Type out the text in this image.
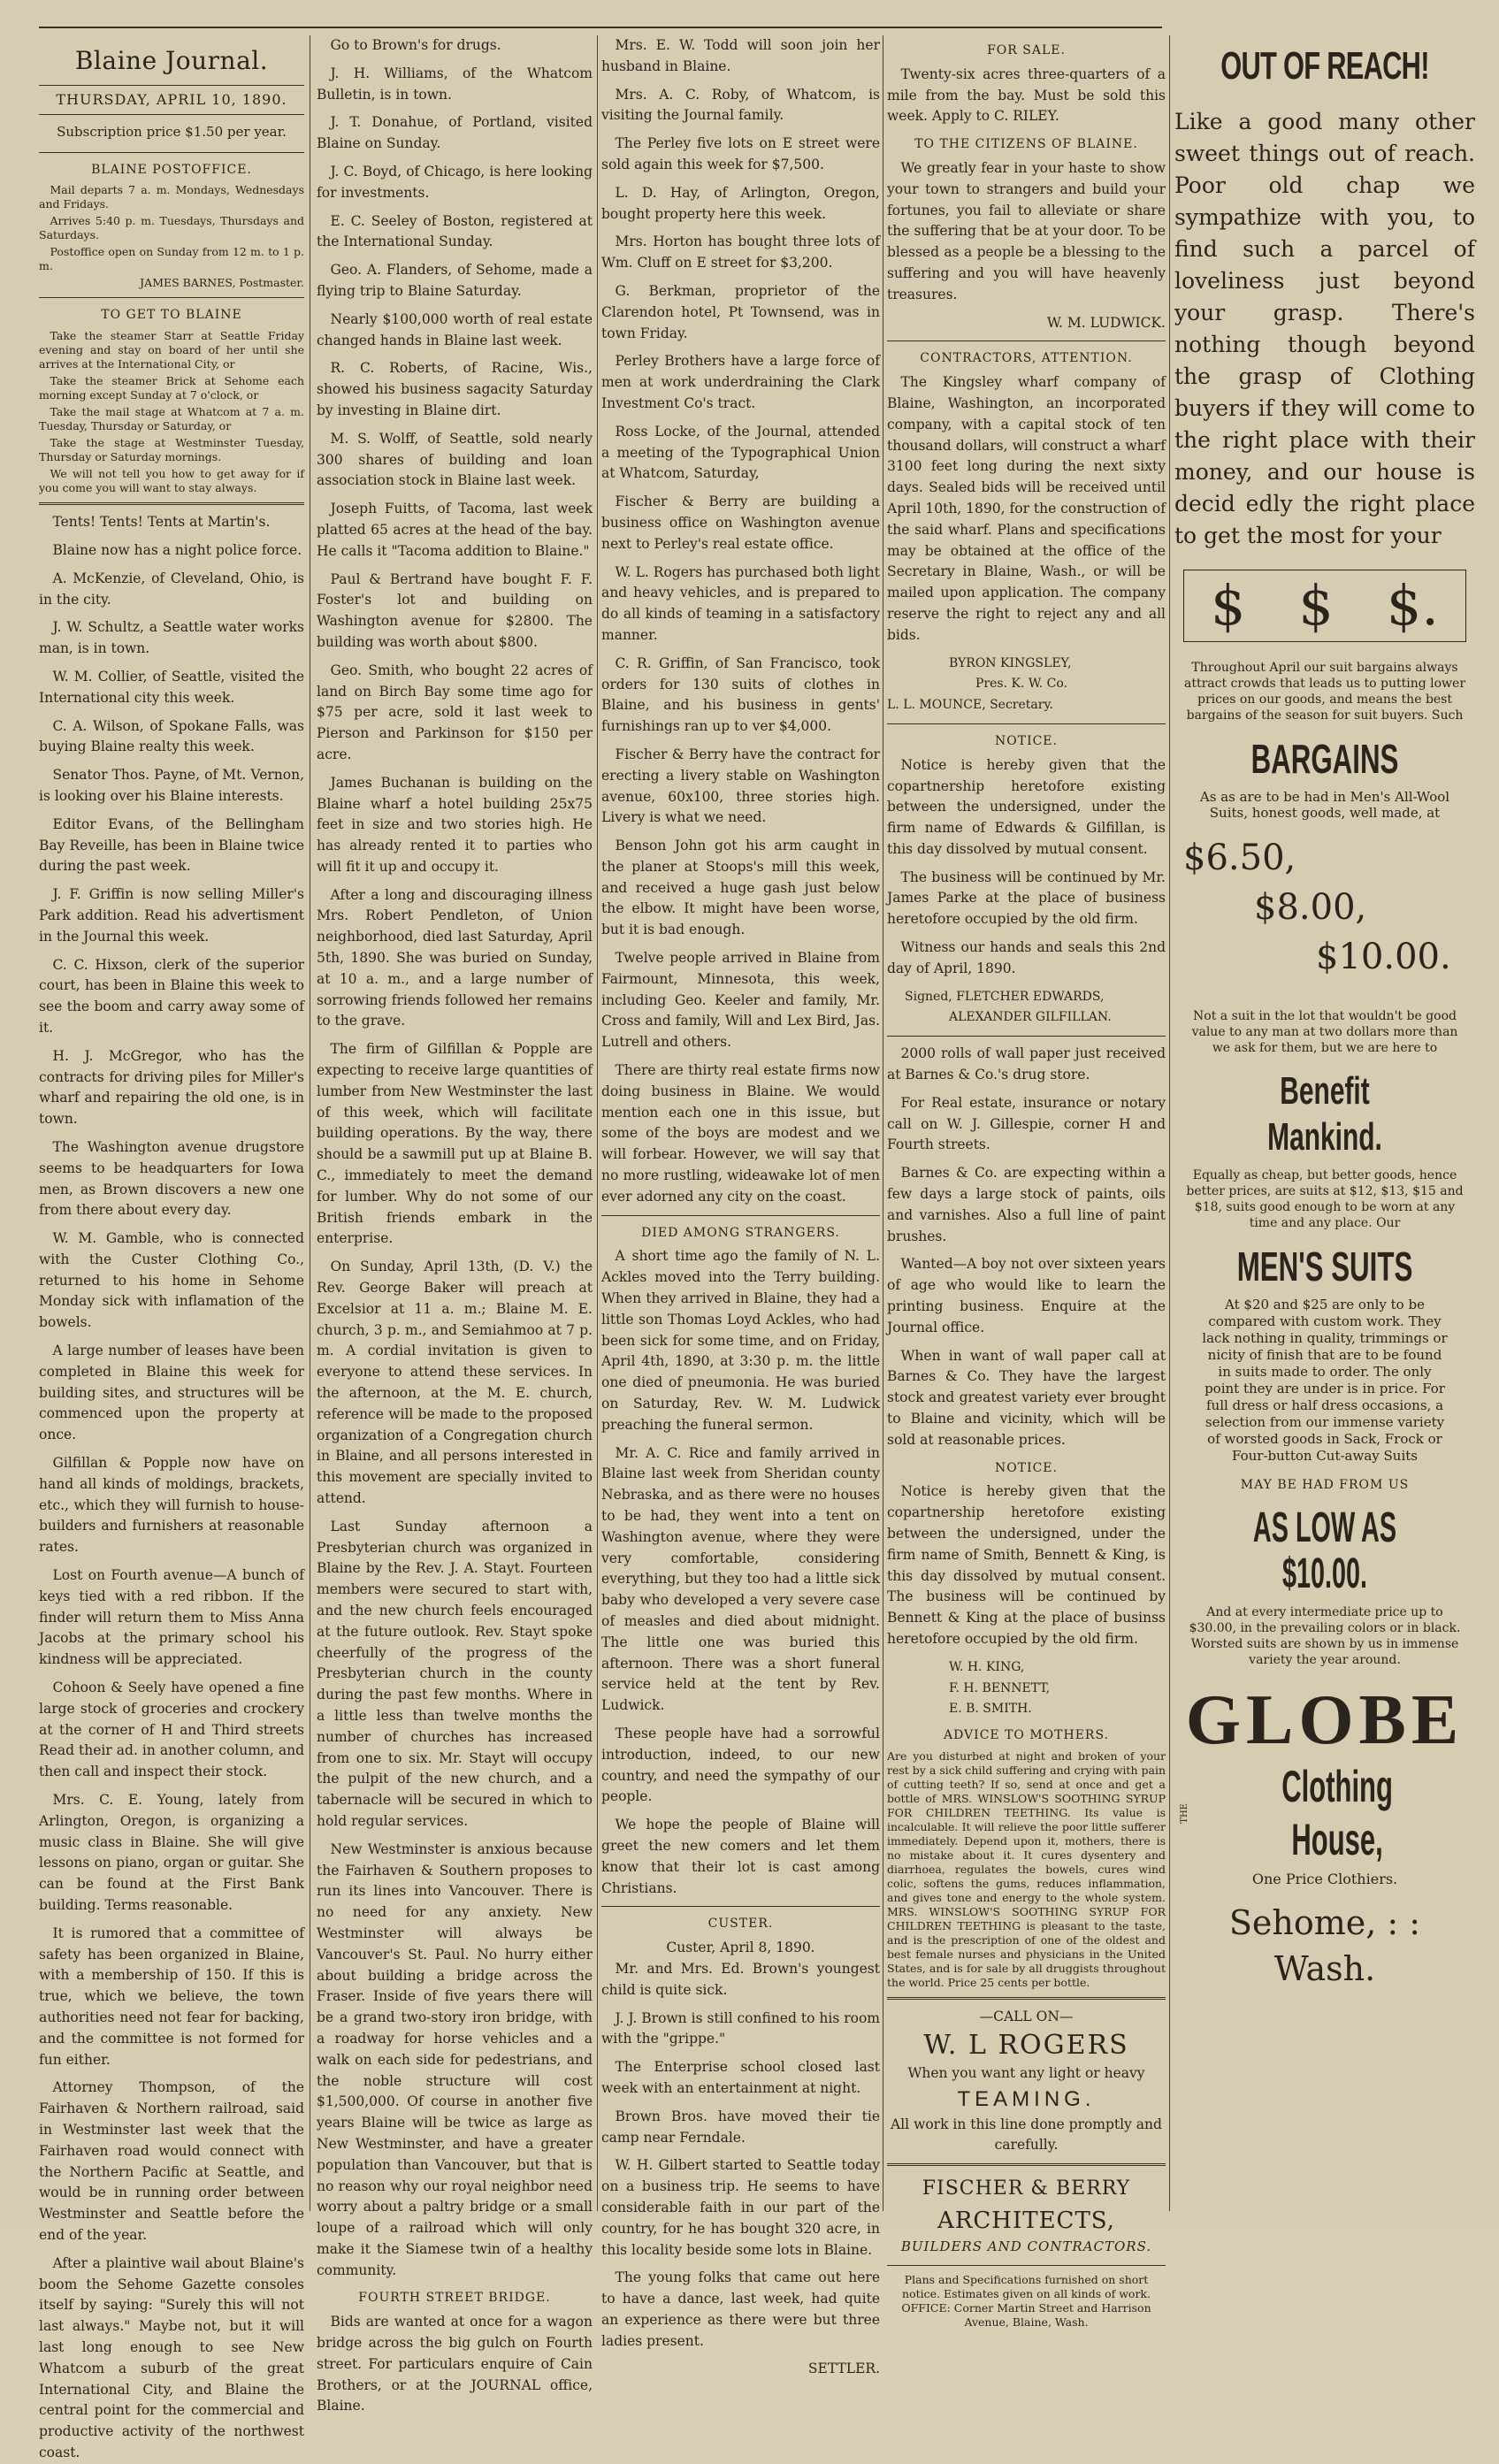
Blaine Journal.
THURSDAY, APRIL 10, 1890.
Subscription price $1.50 per year.
BLAINE POSTOFFICE.

Mail departs 7 a. m. Mondays, Wednesdays and Fridays.

Arrives 5:40 p. m. Tuesdays, Thursdays and Saturdays.

Postoffice open on Sunday from 12 m. to 1 p. m.

JAMES BARNES, Postmaster.

TO GET TO BLAINE

Take the steamer Starr at Seattle Friday evening and stay on board of her until she arrives at the International City, or

Take the steamer Brick at Sehome each morning except Sunday at 7 o'clock, or

Take the mail stage at Whatcom at 7 a. m. Tuesday, Thursday or Saturday, or

Take the stage at Westminster Tuesday, Thursday or Saturday mornings.

We will not tell you how to get away for if you come you will want to stay always.

Tents! Tents! Tents at Martin's.

Blaine now has a night police force.

A. McKenzie, of Cleveland, Ohio, is in the city.

J. W. Schultz, a Seattle water works man, is in town.

W. M. Collier, of Seattle, visited the International city this week.

C. A. Wilson, of Spokane Falls, was buying Blaine realty this week.

Senator Thos. Payne, of Mt. Vernon, is looking over his Blaine interests.

Editor Evans, of the Bellingham Bay Reveille, has been in Blaine twice during the past week.

J. F. Griffin is now selling Miller's Park addition. Read his advertisment in the Journal this week.

C. C. Hixson, clerk of the superior court, has been in Blaine this week to see the boom and carry away some of it.

H. J. McGregor, who has the contracts for driving piles for Miller's wharf and repairing the old one, is in town.

The Washington avenue drugstore seems to be headquarters for Iowa men, as Brown discovers a new one from there about every day.

W. M. Gamble, who is connected with the Custer Clothing Co., returned to his home in Sehome Monday sick with inflamation of the bowels.

A large number of leases have been completed in Blaine this week for building sites, and structures will be commenced upon the property at once.

Gilfillan & Popple now have on hand all kinds of moldings, brackets, etc., which they will furnish to house-builders and furnishers at reasonable rates.

Lost on Fourth avenue—A bunch of keys tied with a red ribbon. If the finder will return them to Miss Anna Jacobs at the primary school his kindness will be appreciated.

Cohoon & Seely have opened a fine large stock of groceries and crockery at the corner of H and Third streets Read their ad. in another column, and then call and inspect their stock.

Mrs. C. E. Young, lately from Arlington, Oregon, is organizing a music class in Blaine. She will give lessons on piano, organ or guitar. She can be found at the First Bank building. Terms reasonable.

It is rumored that a committee of safety has been organized in Blaine, with a membership of 150. If this is true, which we believe, the town authorities need not fear for backing, and the committee is not formed for fun either.

Attorney Thompson, of the Fairhaven & Northern railroad, said in Westminster last week that the Fairhaven road would connect with the Northern Pacific at Seattle, and would be in running order between Westminster and Seattle before the end of the year.

After a plaintive wail about Blaine's boom the Sehome Gazette consoles itself by saying: "Surely this will not last always." Maybe not, but it will last long enough to see New Whatcom a suburb of the great International City, and Blaine the central point for the commercial and productive activity of the northwest coast.

Go to Brown's for drugs.

J. H. Williams, of the Whatcom Bulletin, is in town.

J. T. Donahue, of Portland, visited Blaine on Sunday.

J. C. Boyd, of Chicago, is here looking for investments.

E. C. Seeley of Boston, registered at the International Sunday.

Geo. A. Flanders, of Sehome, made a flying trip to Blaine Saturday.

Nearly $100,000 worth of real estate changed hands in Blaine last week.

R. C. Roberts, of Racine, Wis., showed his business sagacity Saturday by investing in Blaine dirt.

M. S. Wolff, of Seattle, sold nearly 300 shares of building and loan association stock in Blaine last week.

Joseph Fuitts, of Tacoma, last week platted 65 acres at the head of the bay. He calls it "Tacoma addition to Blaine."

Paul & Bertrand have bought F. F. Foster's lot and building on Washington avenue for $2800. The building was worth about $800.

Geo. Smith, who bought 22 acres of land on Birch Bay some time ago for $75 per acre, sold it last week to Pierson and Parkinson for $150 per acre.

James Buchanan is building on the Blaine wharf a hotel building 25x75 feet in size and two stories high. He has already rented it to parties who will fit it up and occupy it.

After a long and discouraging illness Mrs. Robert Pendleton, of Union neighborhood, died last Saturday, April 5th, 1890. She was buried on Sunday, at 10 a. m., and a large number of sorrowing friends followed her remains to the grave.

The firm of Gilfillan & Popple are expecting to receive large quantities of lumber from New Westminster the last of this week, which will facilitate building operations. By the way, there should be a sawmill put up at Blaine B. C., immediately to meet the demand for lumber. Why do not some of our British friends embark in the enterprise.

On Sunday, April 13th, (D. V.) the Rev. George Baker will preach at Excelsior at 11 a. m.; Blaine M. E. church, 3 p. m., and Semiahmoo at 7 p. m. A cordial invitation is given to everyone to attend these services. In the afternoon, at the M. E. church, reference will be made to the proposed organization of a Congregation church in Blaine, and all persons interested in this movement are specially invited to attend.

Last Sunday afternoon a Presbyterian church was organized in Blaine by the Rev. J. A. Stayt. Fourteen members were secured to start with, and the new church feels encouraged at the future outlook. Rev. Stayt spoke cheerfully of the progress of the Presbyterian church in the county during the past few months. Where in a little less than twelve months the number of churches has increased from one to six. Mr. Stayt will occupy the pulpit of the new church, and a tabernacle will be secured in which to hold regular services.

New Westminster is anxious because the Fairhaven & Southern proposes to run its lines into Vancouver. There is no need for any anxiety. New Westminster will always be Vancouver's St. Paul. No hurry either about building a bridge across the Fraser. Inside of five years there will be a grand two-story iron bridge, with a roadway for horse vehicles and a walk on each side for pedestrians, and the noble structure will cost $1,500,000. Of course in another five years Blaine will be twice as large as New Westminster, and have a greater population than Vancouver, but that is no reason why our royal neighbor need worry about a paltry bridge or a small loupe of a railroad which will only make it the Siamese twin of a healthy community.

FOURTH STREET BRIDGE.

Bids are wanted at once for a wagon bridge across the big gulch on Fourth street. For particulars enquire of Cain Brothers, or at the JOURNAL office, Blaine.

Mrs. E. W. Todd will soon join her husband in Blaine.

Mrs. A. C. Roby, of Whatcom, is visiting the Journal family.

The Perley five lots on E street were sold again this week for $7,500.

L. D. Hay, of Arlington, Oregon, bought property here this week.

Mrs. Horton has bought three lots of Wm. Cluff on E street for $3,200.

G. Berkman, proprietor of the Clarendon hotel, Pt Townsend, was in town Friday.

Perley Brothers have a large force of men at work underdraining the Clark Investment Co's tract.

Ross Locke, of the Journal, attended a meeting of the Typographical Union at Whatcom, Saturday,

Fischer & Berry are building a business office on Washington avenue next to Perley's real estate office.

W. L. Rogers has purchased both light and heavy vehicles, and is prepared to do all kinds of teaming in a satisfactory manner.

C. R. Griffin, of San Francisco, took orders for 130 suits of clothes in Blaine, and his business in gents' furnishings ran up to ver $4,000.

Fischer & Berry have the contract for erecting a livery stable on Washington avenue, 60x100, three stories high. Livery is what we need.

Benson John got his arm caught in the planer at Stoops's mill this week, and received a huge gash just below the elbow. It might have been worse, but it is bad enough.

Twelve people arrived in Blaine from Fairmount, Minnesota, this week, including Geo. Keeler and family, Mr. Cross and family, Will and Lex Bird, Jas. Lutrell and others.

There are thirty real estate firms now doing business in Blaine. We would mention each one in this issue, but some of the boys are modest and we will forbear. However, we will say that no more rustling, wideawake lot of men ever adorned any city on the coast.

DIED AMONG STRANGERS.

A short time ago the family of N. L. Ackles moved into the Terry building. When they arrived in Blaine, they had a little son Thomas Loyd Ackles, who had been sick for some time, and on Friday, April 4th, 1890, at 3:30 p. m. the little one died of pneumonia. He was buried on Saturday, Rev. W. M. Ludwick preaching the funeral sermon.

Mr. A. C. Rice and family arrived in Blaine last week from Sheridan county Nebraska, and as there were no houses to be had, they went into a tent on Washington avenue, where they were very comfortable, considering everything, but they too had a little sick baby who developed a very severe case of measles and died about midnight. The little one was buried this afternoon. There was a short funeral service held at the tent by Rev. Ludwick.

These people have had a sorrowful introduction, indeed, to our new country, and need the sympathy of our people.

We hope the people of Blaine will greet the new comers and let them know that their lot is cast among Christians.

CUSTER.
Custer, April 8, 1890.

Mr. and Mrs. Ed. Brown's youngest child is quite sick.

J. J. Brown is still confined to his room with the "grippe."

The Enterprise school closed last week with an entertainment at night.

Brown Bros. have moved their tie camp near Ferndale.

W. H. Gilbert started to Seattle today on a business trip. He seems to have considerable faith in our part of the country, for he has bought 320 acre, in this locality beside some lots in Blaine.

The young folks that came out here to have a dance, last week, had quite an experience as there were but three ladies present.

SETTLER.
FOR SALE.

Twenty-six acres three-quarters of a mile from the bay. Must be sold this week. Apply to C. RILEY.

TO THE CITIZENS OF BLAINE.

We greatly fear in your haste to show your town to strangers and build your fortunes, you fail to alleviate or share the suffering that be at your door. To be blessed as a people be a blessing to the suffering and you will have heavenly treasures.

W. M. LUDWICK.
CONTRACTORS, ATTENTION.

The Kingsley wharf company of Blaine, Washington, an incorporated company, with a capital stock of ten thousand dollars, will construct a wharf 3100 feet long during the next sixty days. Sealed bids will be received until April 10th, 1890, for the construction of the said wharf. Plans and specifications may be obtained at the office of the Secretary in Blaine, Wash., or will be mailed upon application. The company reserve the right to reject any and all bids.

BYRON KINGSLEY,
Pres. K. W. Co.
L. L. MOUNCE, Secretary.
NOTICE.

Notice is hereby given that the copartnership heretofore existing between the undersigned, under the firm name of Edwards & Gilfillan, is this day dissolved by mutual consent.

The business will be continued by Mr. James Parke at the place of business heretofore occupied by the old firm.

Witness our hands and seals this 2nd day of April, 1890.

Signed, FLETCHER EDWARDS,
ALEXANDER GILFILLAN.

2000 rolls of wall paper just received at Barnes & Co.'s drug store.

For Real estate, insurance or notary call on W. J. Gillespie, corner H and Fourth streets.

Barnes & Co. are expecting within a few days a large stock of paints, oils and varnishes. Also a full line of paint brushes.

Wanted—A boy not over sixteen years of age who would like to learn the printing business. Enquire at the Journal office.

When in want of wall paper call at Barnes & Co. They have the largest stock and greatest variety ever brought to Blaine and vicinity, which will be sold at reasonable prices.

NOTICE.

Notice is hereby given that the copartnership heretofore existing between the undersigned, under the firm name of Smith, Bennett & King, is this day dissolved by mutual consent. The business will be continued by Bennett & King at the place of businss heretofore occupied by the old firm.

W. H. KING,
F. H. BENNETT,
E. B. SMITH.
ADVICE TO MOTHERS.
Are you disturbed at night and broken of your rest by a sick child suffering and crying with pain of cutting teeth? If so, send at once and get a bottle of MRS. WINSLOW'S SOOTHING SYRUP FOR CHILDREN TEETHING. Its value is incalculable. It will relieve the poor little sufferer immediately. Depend upon it, mothers, there is no mistake about it. It cures dysentery and diarrhoea, regulates the bowels, cures wind colic, softens the gums, reduces inflammation, and gives tone and energy to the whole system. MRS. WINSLOW'S SOOTHING SYRUP FOR CHILDREN TEETHING is pleasant to the taste, and is the prescription of one of the oldest and best female nurses and physicians in the United States, and is for sale by all druggists throughout the world. Price 25 cents per bottle.
—CALL ON—
W. L ROGERS
When you want any light or heavy
TEAMING.
All work in this line done promptly and carefully.
FISCHER & BERRY
ARCHITECTS,
BUILDERS AND CONTRACTORS.
Plans and Specifications furnished on short notice. Estimates given on all kinds of work.
OFFICE: Corner Martin Street and Harrison Avenue, Blaine, Wash.
OUT OF REACH!
Like a good many other sweet things out of reach. Poor old chap we sympathize with you, to find such a parcel of loveliness just beyond your grasp. There's nothing though beyond the grasp of Clothing buyers if they will come to the right place with their money, and our house is decid edly the right place to get the most for your
$ $ $.
Throughout April our suit bargains always attract crowds that leads us to putting lower prices on our goods, and means the best bargains of the season for suit buyers. Such
BARGAINS
As as are to be had in Men's All-Wool Suits, honest goods, well made, at
$6.50,
$8.00,
$10.00.
Not a suit in the lot that wouldn't be good value to any man at two dollars more than we ask for them, but we are here to
Benefit Mankind.
Equally as cheap, but better goods, hence better prices, are suits at $12, $13, $15 and $18, suits good enough to be worn at any time and any place. Our
MEN'S SUITS
At $20 and $25 are only to be compared with custom work. They lack nothing in quality, trimmings or nicity of finish that are to be found in suits made to order. The only point they are under is in price. For full dress or half dress occasions, a selection from our immense variety of worsted goods in Sack, Frock or Four-button Cut-away Suits
MAY BE HAD FROM US
AS LOW AS $10.00.
And at every intermediate price up to $30.00, in the prevailing colors or in black. Worsted suits are shown by us in immense variety the year around.
GLOBE
THE
Clothing House,
One Price Clothiers.
Sehome, : : Wash.
